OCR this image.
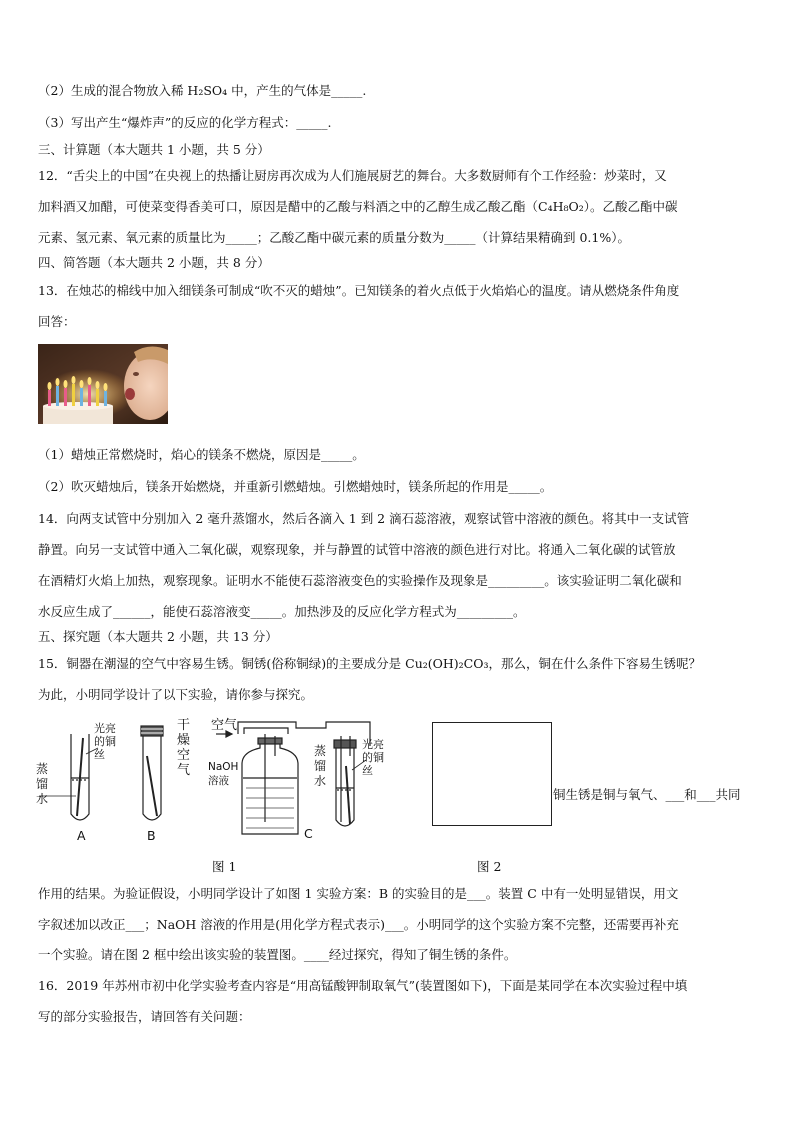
（2）生成的混合物放入稀 H₂SO₄ 中，产生的气体是_____.
（3）写出产生“爆炸声”的反应的化学方程式：_____.
三、计算题（本大题共 1 小题，共 5 分）
12．“舌尖上的中国”在央视上的热播让厨房再次成为人们施展厨艺的舞台。大多数厨师有个工作经验：炒菜时，又
加料酒又加醋，可使菜变得香美可口，原因是醋中的乙酸与料酒之中的乙醇生成乙酸乙酯（C₄H₈O₂）。乙酸乙酯中碳
元素、氢元素、氧元素的质量比为_____；乙酸乙酯中碳元素的质量分数为_____（计算结果精确到 0.1%）。
四、简答题（本大题共 2 小题，共 8 分）
13．在烛芯的棉线中加入细镁条可制成“吹不灭的蜡烛”。已知镁条的着火点低于火焰焰心的温度。请从燃烧条件角度
回答：
（1）蜡烛正常燃烧时，焰心的镁条不燃烧，原因是_____。
（2）吹灭蜡烛后，镁条开始燃烧，并重新引燃蜡烛。引燃蜡烛时，镁条所起的作用是_____。
14．向两支试管中分别加入 2 毫升蒸馏水，然后各滴入 1 到 2 滴石蕊溶液，观察试管中溶液的颜色。将其中一支试管
静置。向另一支试管中通入二氧化碳，观察现象，并与静置的试管中溶液的颜色进行对比。将通入二氧化碳的试管放
在酒精灯火焰上加热，观察现象。证明水不能使石蕊溶液变色的实验操作及现象是_________。该实验证明二氧化碳和
水反应生成了______，能使石蕊溶液变_____。加热涉及的反应化学方程式为_________。
五、探究题（本大题共 2 小题，共 13 分）
15．铜器在潮湿的空气中容易生锈。铜锈(俗称铜绿)的主要成分是 Cu₂(OH)₂CO₃，那么，铜在什么条件下容易生锈呢？
为此，小明同学设计了以下实验，请你参与探究。
蒸馏水
光亮的铜丝
A	B
干燥空气
空气
NaOH溶液
蒸馏水
光亮的铜丝
C
铜生锈是铜与氧气、___和___共同
图 1	图 2
作用的结果。为验证假设，小明同学设计了如图 1 实验方案：B 的实验目的是___。装置 C 中有一处明显错误，用文
字叙述加以改正___；NaOH 溶液的作用是(用化学方程式表示)___。小明同学的这个实验方案不完整，还需要再补充
一个实验。请在图 2 框中绘出该实验的装置图。____经过探究，得知了铜生锈的条件。
16．2019 年苏州市初中化学实验考查内容是“用高锰酸钾制取氧气”(装置图如下)，下面是某同学在本次实验过程中填
写的部分实验报告，请回答有关问题：
